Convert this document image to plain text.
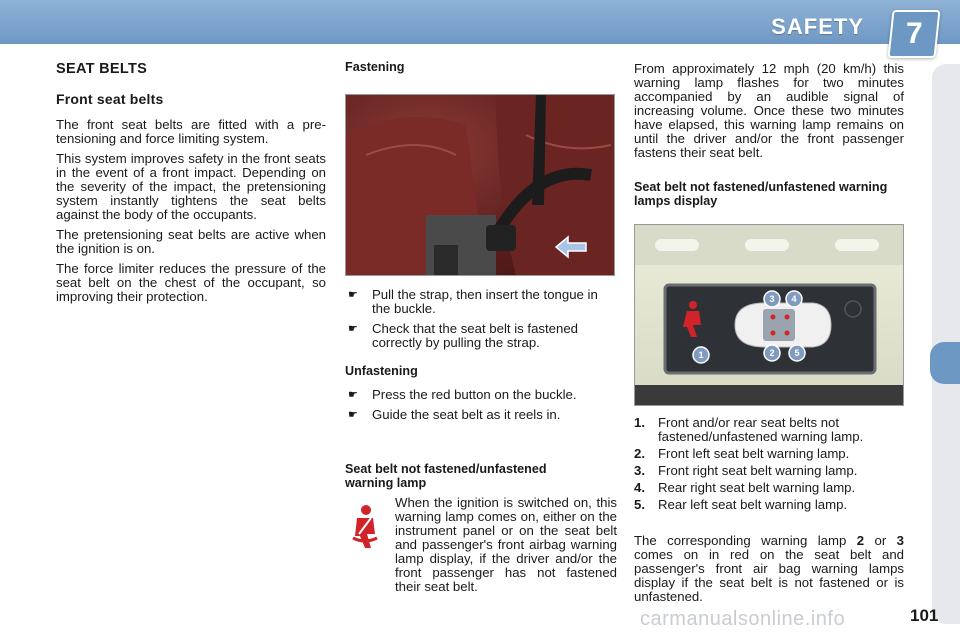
SAFETY 7
SEAT BELTS
Front seat belts

The front seat belts are fitted with a pre-tensioning and force limiting system.

This system improves safety in the front seats in the event of a front impact. Depending on the severity of the impact, the pretensioning system instantly tightens the seat belts against the body of the occupants.

The pretensioning seat belts are active when the ignition is on.

The force limiter reduces the pressure of the seat belt on the chest of the occupant, so improving their protection.

Fastening
☛	Pull the strap, then insert the tongue in the buckle.
☛	Check that the seat belt is fastened correctly by pulling the strap.
Unfastening
☛	Press the red button on the buckle.
☛	Guide the seat belt as it reels in.
Seat belt not fastened/unfastened warning lamp

When the ignition is switched on, this warning lamp comes on, either on the instrument panel or on the seat belt and passenger's front airbag warning lamp display, if the driver and/or the front passenger has not fastened their seat belt.

From approximately 12 mph (20 km/h) this warning lamp flashes for two minutes accompanied by an audible signal of increasing volume. Once these two minutes have elapsed, this warning lamp remains on until the driver and/or the front passenger fastens their seat belt.

Seat belt not fastened/unfastened warning lamps display
1	2 5
3 4
1. Front and/or rear seat belts not fastened/unfastened warning lamp.
2. Front left seat belt warning lamp.
3. Front right seat belt warning lamp.
4. Rear right seat belt warning lamp.
5. Rear left seat belt warning lamp.

The corresponding warning lamp 2 or 3 comes on in red on the seat belt and passenger's front air bag warning lamps display if the seat belt is not fastened or is unfastened.

carmanualsonline.info	101
